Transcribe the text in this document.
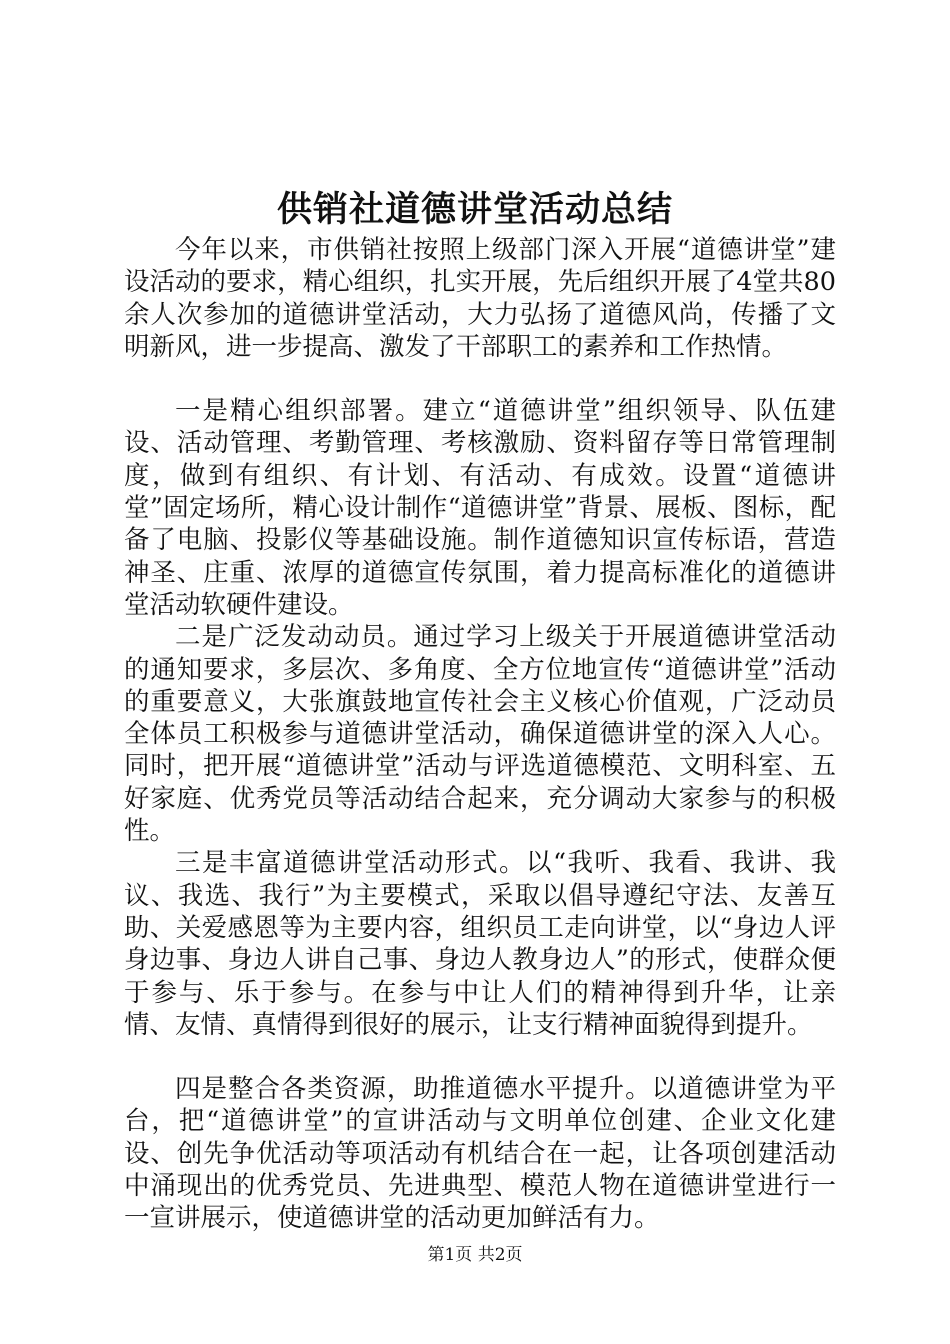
供销社道德讲堂活动总结

今年以来，市供销社按照上级部门深入开展“道德讲堂”建设活动的要求，精心组织，扎实开展，先后组织开展了4堂共80余人次参加的道德讲堂活动，大力弘扬了道德风尚，传播了文明新风，进一步提高、激发了干部职工的素养和工作热情。

一是精心组织部署。建立“道德讲堂”组织领导、队伍建设、活动管理、考勤管理、考核激励、资料留存等日常管理制度，做到有组织、有计划、有活动、有成效。设置“道德讲堂”固定场所，精心设计制作“道德讲堂”背景、展板、图标，配备了电脑、投影仪等基础设施。制作道德知识宣传标语，营造神圣、庄重、浓厚的道德宣传氛围，着力提高标准化的道德讲堂活动软硬件建设。

二是广泛发动动员。通过学习上级关于开展道德讲堂活动的通知要求，多层次、多角度、全方位地宣传“道德讲堂”活动的重要意义，大张旗鼓地宣传社会主义核心价值观，广泛动员全体员工积极参与道德讲堂活动，确保道德讲堂的深入人心。同时，把开展“道德讲堂”活动与评选道德模范、文明科室、五好家庭、优秀党员等活动结合起来，充分调动大家参与的积极性。

三是丰富道德讲堂活动形式。以“我听、我看、我讲、我议、我选、我行”为主要模式，采取以倡导遵纪守法、友善互助、关爱感恩等为主要内容，组织员工走向讲堂，以“身边人评身边事、身边人讲自己事、身边人教身边人”的形式，使群众便于参与、乐于参与。在参与中让人们的精神得到升华，让亲情、友情、真情得到很好的展示，让支行精神面貌得到提升。

四是整合各类资源，助推道德水平提升。以道德讲堂为平台，把“道德讲堂”的宣讲活动与文明单位创建、企业文化建设、创先争优活动等项活动有机结合在一起，让各项创建活动中涌现出的优秀党员、先进典型、模范人物在道德讲堂进行一一宣讲展示，使道德讲堂的活动更加鲜活有力。

第1页 共2页
